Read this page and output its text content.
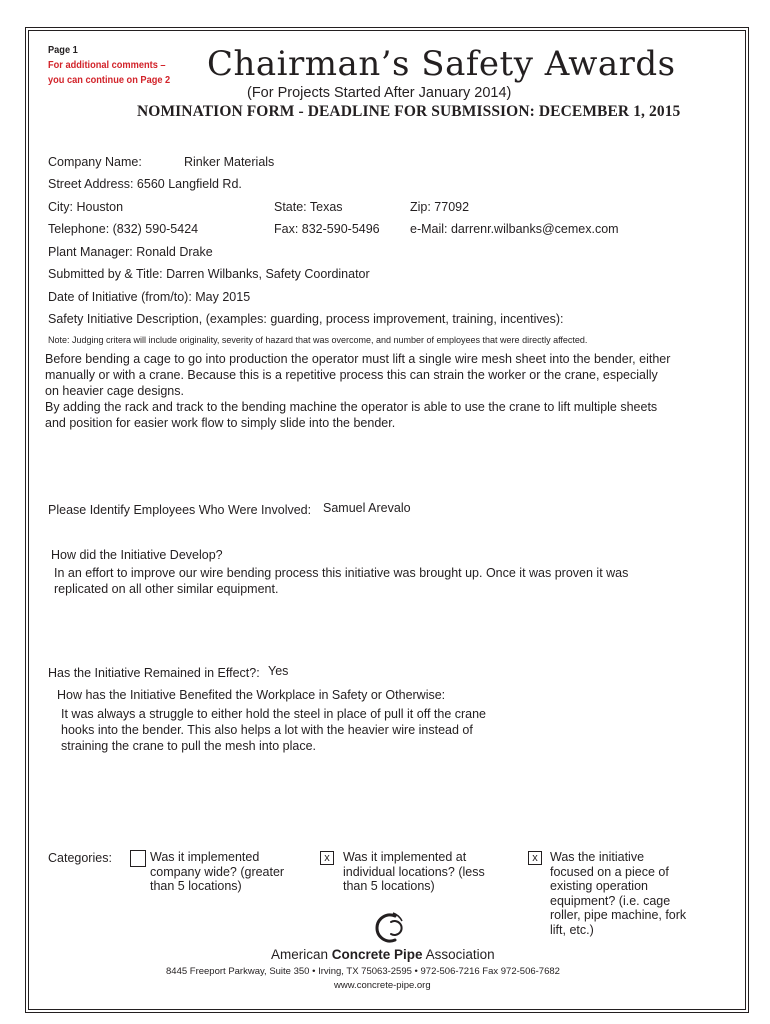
Page 1
For additional comments –
you can continue on Page 2 Chairman’s Safety Awards
(For Projects Started After January 2014)
NOMINATION FORM - DEADLINE FOR SUBMISSION: DECEMBER 1, 2015
Company Name:	Rinker Materials
Street Address: 6560 Langfield Rd.
City: Houston	State: Texas	Zip: 77092
Telephone: (832) 590-5424	Fax: 832-590-5496 e-Mail: darrenr.wilbanks@cemex.com
Plant Manager: Ronald Drake
Submitted by & Title: Darren Wilbanks, Safety Coordinator
Date of Initiative (from/to): May 2015
Safety Initiative Description, (examples: guarding, process improvement, training, incentives):
Note: Judging critera will include originality, severity of hazard that was overcome, and number of employees that were directly affected.
Before bending a cage to go into production the operator must lift a single wire mesh sheet into the bender, either manually or with a crane. Because this is a repetitive process this can strain the worker or the crane, especially on heavier cage designs.
By adding the rack and track to the bending machine the operator is able to use the crane to lift multiple sheets and position for easier work flow to simply slide into the bender.
Please Identify Employees Who Were Involved: Samuel Arevalo
How did the Initiative Develop?
In an effort to improve our wire bending process this initiative was brought up. Once it was proven it was replicated on all other similar equipment.
Has the Initiative Remained in Effect?: Yes
How has the Initiative Benefited the Workplace in Safety or Otherwise:
It was always a struggle to either hold the steel in place of pull it off the crane hooks into the bender. This also helps a lot with the heavier wire instead of straining the crane to pull the mesh into place.
Categories:	Was it implemented company wide? (greater than 5 locations)
x	Was it implemented at individual locations? (less than 5 locations)
x Was the initiative focused on a piece of existing operation equipment? (i.e. cage roller, pipe machine, fork lift, etc.)
American Concrete Pipe Association
8445 Freeport Parkway, Suite 350 • Irving, TX 75063-2595 • 972-506-7216 Fax 972-506-7682
www.concrete-pipe.org
